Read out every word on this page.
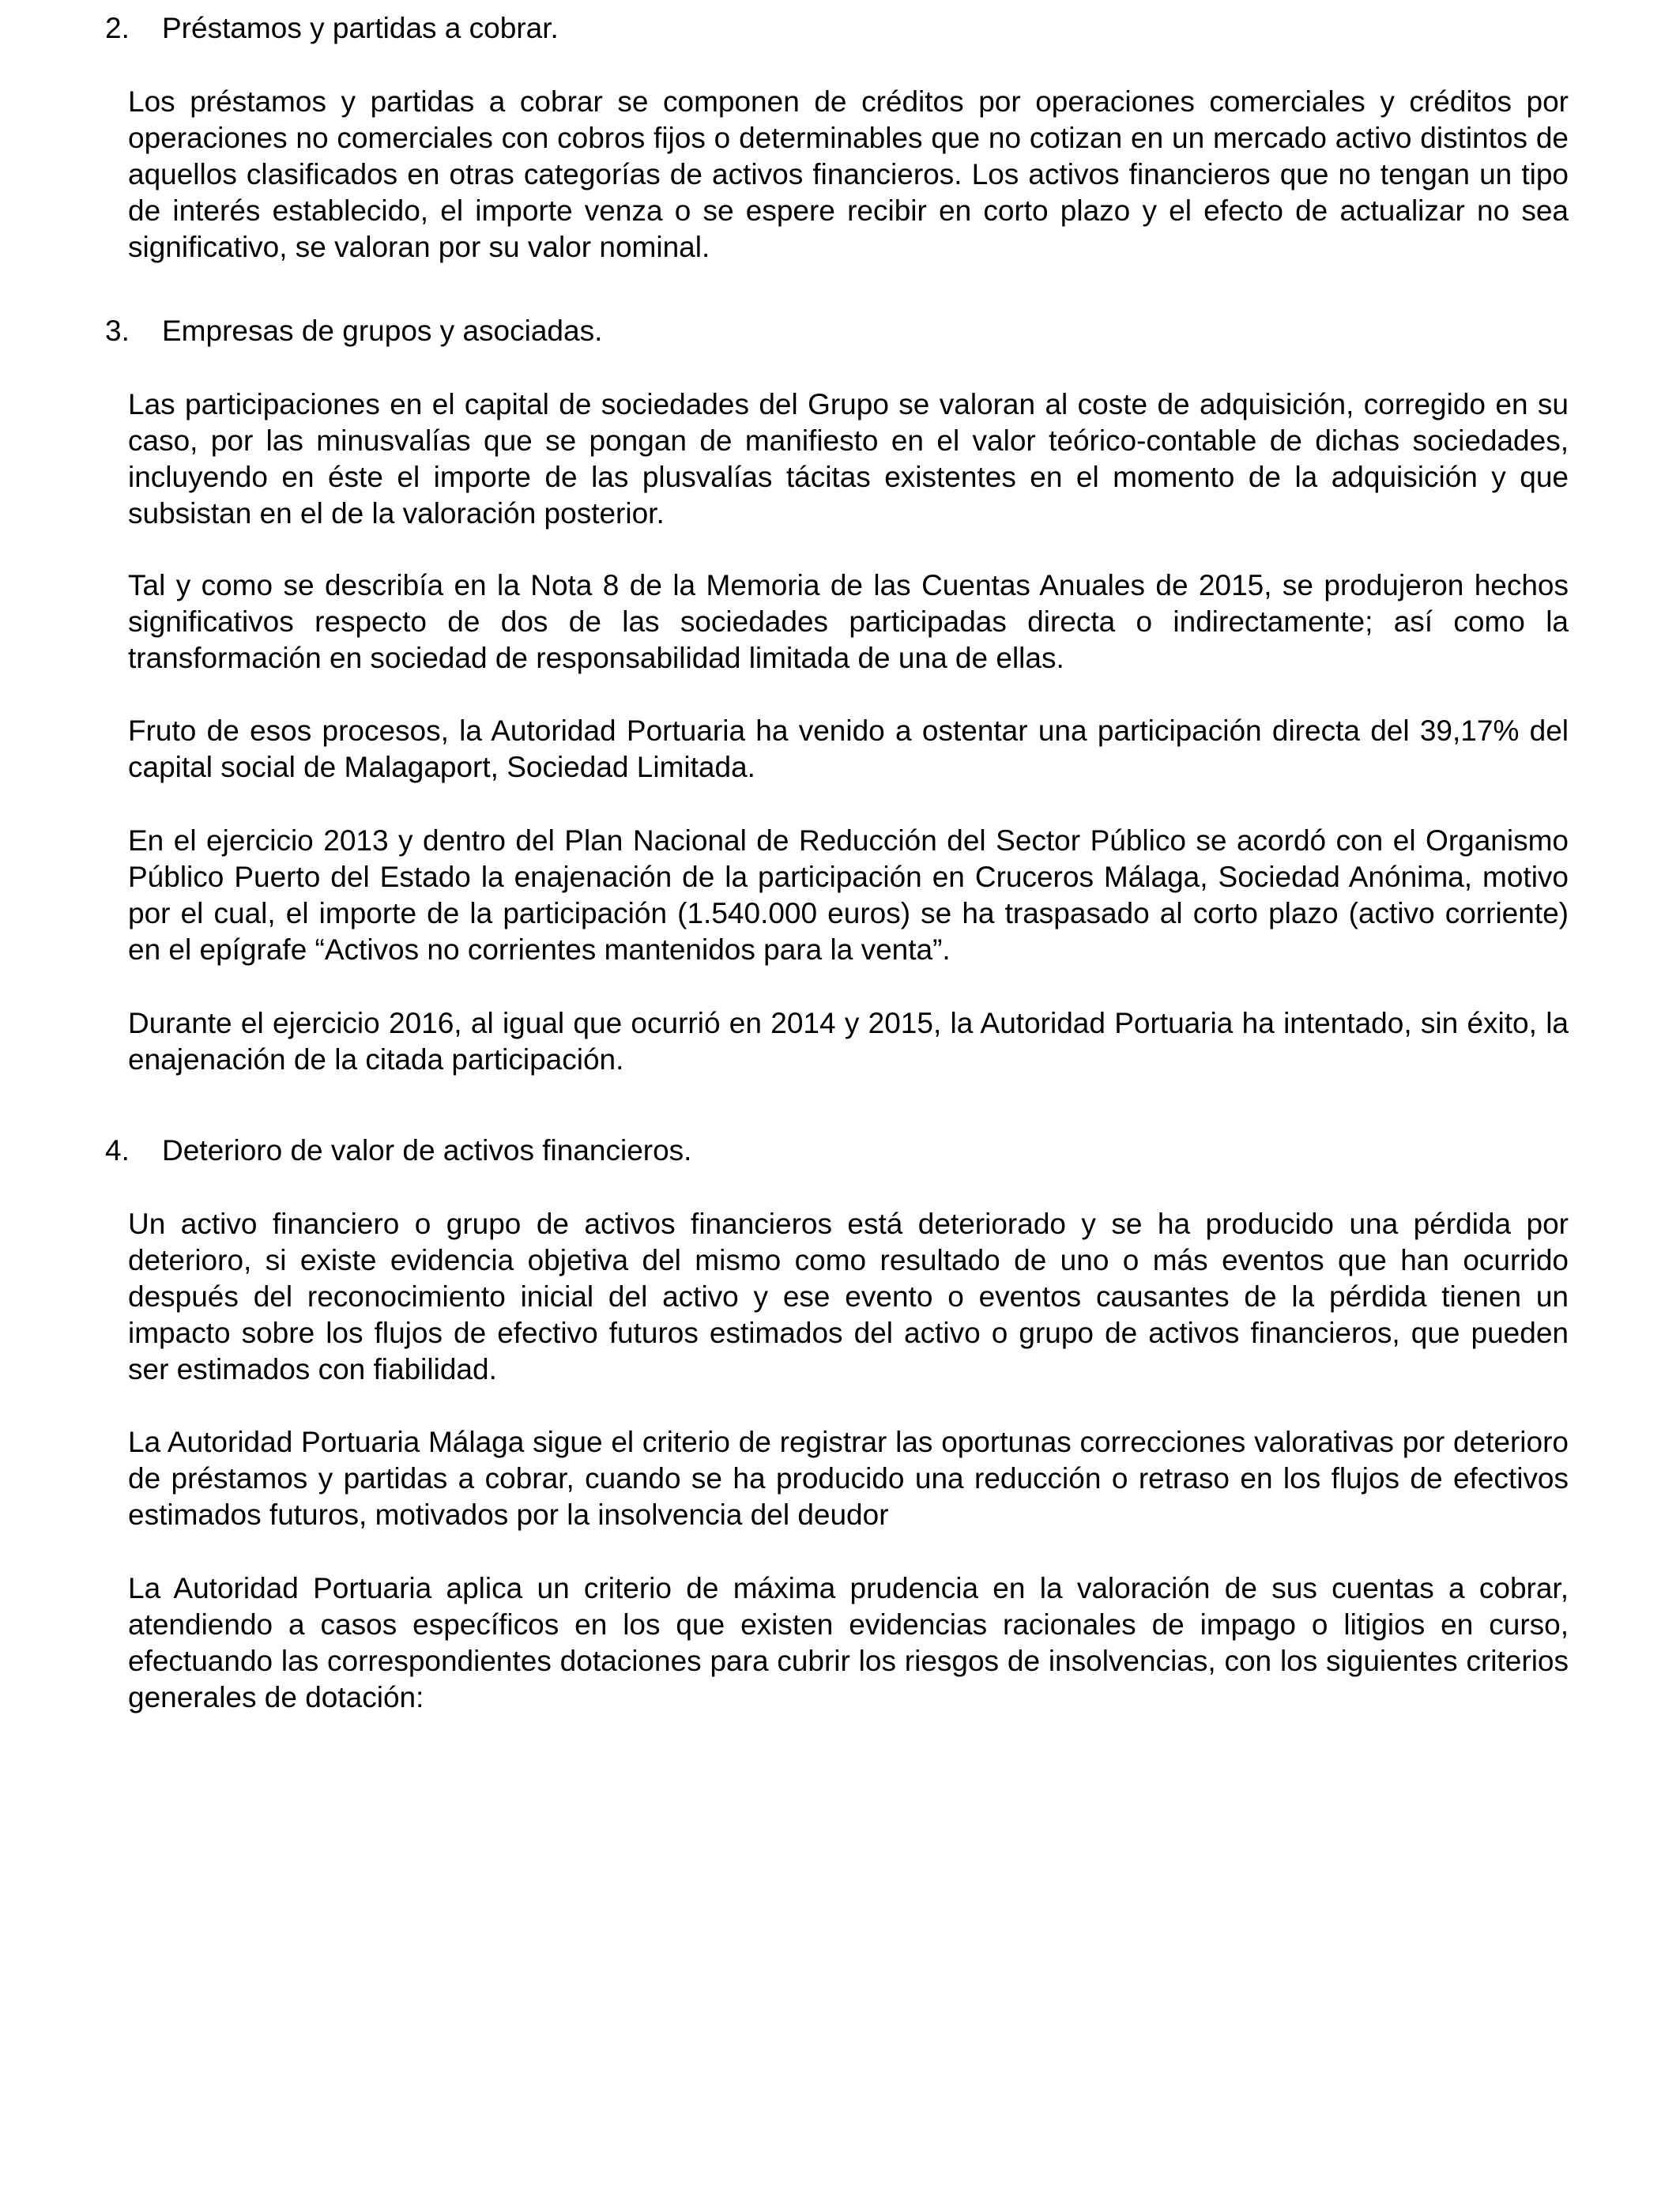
2. Préstamos y partidas a cobrar.

Los préstamos y partidas a cobrar se componen de créditos por operaciones comerciales y créditos por operaciones no comerciales con cobros fijos o determinables que no cotizan en un mercado activo distintos de aquellos clasificados en otras categorías de activos financieros. Los activos financieros que no tengan un tipo de interés establecido, el importe venza o se espere recibir en corto plazo y el efecto de actualizar no sea significativo, se valoran por su valor nominal.

3. Empresas de grupos y asociadas.

Las participaciones en el capital de sociedades del Grupo se valoran al coste de adquisición, corregido en su caso, por las minusvalías que se pongan de manifiesto en el valor teórico-contable de dichas sociedades, incluyendo en éste el importe de las plusvalías tácitas existentes en el momento de la adquisición y que subsistan en el de la valoración posterior.

Tal y como se describía en la Nota 8 de la Memoria de las Cuentas Anuales de 2015, se produjeron hechos significativos respecto de dos de las sociedades participadas directa o indirectamente; así como la transformación en sociedad de responsabilidad limitada de una de ellas.

Fruto de esos procesos, la Autoridad Portuaria ha venido a ostentar una participación directa del 39,17% del capital social de Malagaport, Sociedad Limitada.

En el ejercicio 2013 y dentro del Plan Nacional de Reducción del Sector Público se acordó con el Organismo Público Puerto del Estado la enajenación de la participación en Cruceros Málaga, Sociedad Anónima, motivo por el cual, el importe de la participación (1.540.000 euros) se ha traspasado al corto plazo (activo corriente) en el epígrafe “Activos no corrientes mantenidos para la venta”.

Durante el ejercicio 2016, al igual que ocurrió en 2014 y 2015, la Autoridad Portuaria ha intentado, sin éxito, la enajenación de la citada participación.

4. Deterioro de valor de activos financieros.

Un activo financiero o grupo de activos financieros está deteriorado y se ha producido una pérdida por deterioro, si existe evidencia objetiva del mismo como resultado de uno o más eventos que han ocurrido después del reconocimiento inicial del activo y ese evento o eventos causantes de la pérdida tienen un impacto sobre los flujos de efectivo futuros estimados del activo o grupo de activos financieros, que pueden ser estimados con fiabilidad.

La Autoridad Portuaria Málaga sigue el criterio de registrar las oportunas correcciones valorativas por deterioro de préstamos y partidas a cobrar, cuando se ha producido una reducción o retraso en los flujos de efectivos estimados futuros, motivados por la insolvencia del deudor

La Autoridad Portuaria aplica un criterio de máxima prudencia en la valoración de sus cuentas a cobrar, atendiendo a casos específicos en los que existen evidencias racionales de impago o litigios en curso, efectuando las correspondientes dotaciones para cubrir los riesgos de insolvencias, con los siguientes criterios generales de dotación:
